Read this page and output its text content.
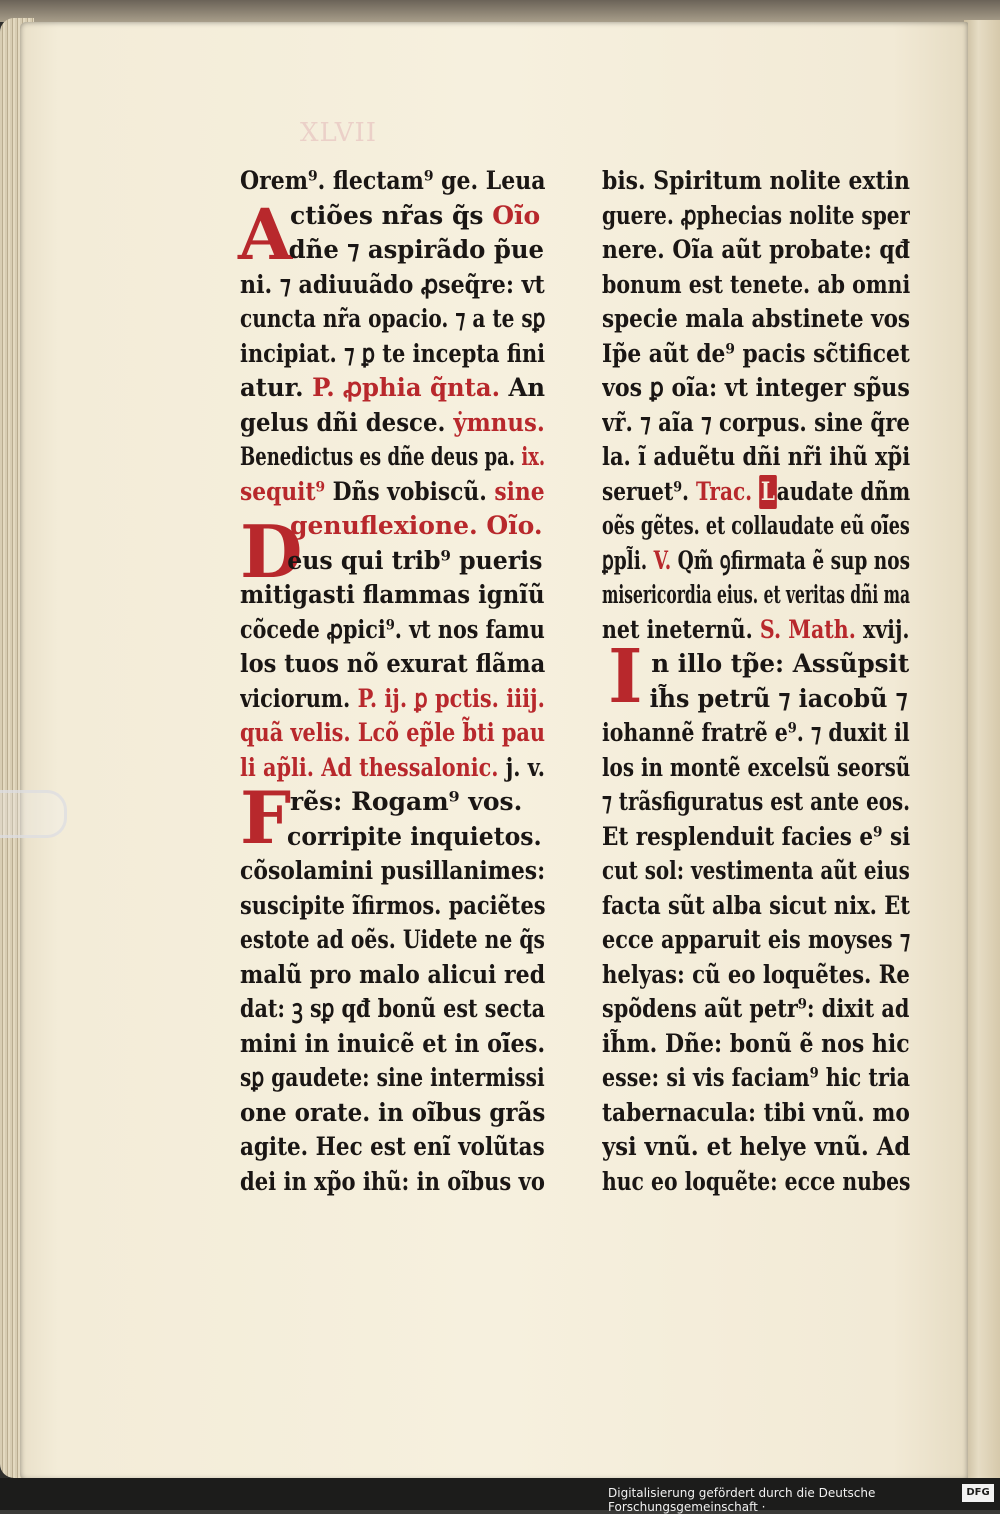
XLVII
A
D
F
I
Orem⁹. flectam⁹ ge. Leua
ctiões nr̃as q̃s Oĩo
dñe ⁊ aspirãdo p̃ue
ni. ⁊ adiuuãdo ꝓseq̃re: vt
cuncta nr̃a opacio. ⁊ a te sꝑ
incipiat. ⁊ ꝑ te incepta fini
atur. P. ꝓphia q̃nta. An
gelus dñi desce. ẏmnus.
Benedictus es dñe deus pa. ix.
sequit⁹ Dñs vobiscũ. sine
genuflexione. Oĩo.
eus qui trib⁹ pueris
mitigasti flammas ignĩũ
cõcede ꝓpici⁹. vt nos famu
los tuos nõ exurat flãma
viciorum. P. ij. ꝑ pctis. iiij.
quã velis. Lcõ ep̃le b̃ti pau
li ap̃li. Ad thessalonic. j. v.
rẽs: Rogam⁹ vos.
corripite inquietos.
cõsolamini pusillanimes:
suscipite ĩfirmos. paciẽtes
estote ad oẽs. Uidete ne q̃s
malũ pro malo alicui red
dat: ꝫ sꝑ qđ bonũ est secta
mini in inuicẽ et in oĩ̃es.
sꝑ gaudete: sine intermissi
one orate. in oĩbus grãs
agite. Hec est enĩ volũtas
dei in xp̃o ihũ: in oĩbus vo
bis. Spiritum nolite extin
guere. ꝓphecias nolite sper
nere. Oĩa aũt probate: qđ
bonum est tenete. ab omni
specie mala abstinete vos
Ip̃e aũt de⁹ pacis sc̃tificet
vos ꝑ oĩa: vt integer sp̃us
vr̃. ⁊ aĩa ⁊ corpus. sine q̃re
la. ĩ aduẽtu dñi nr̃i ihũ xp̃i
seruet⁹. Trac. Laudate dñm
oẽs gẽtes. et collaudate eũ oĩ̃es
ꝑpl̃i. V. Qm̃ ꝯfirmata ẽ sup nos
misericordia eius. et veritas dñi ma
net ineternũ. S. Math. xvij.
n illo tp̃e: Assũpsit
ih̃s petrũ ⁊ iacobũ ⁊
iohannẽ fratrẽ e⁹. ⁊ duxit il
los in montẽ excelsũ seorsũ
⁊ trãsfiguratus est ante eos.
Et resplenduit facies e⁹ si
cut sol: vestimenta aũt eius
facta sũt alba sicut nix. Et
ecce apparuit eis moyses ⁊
helyas: cũ eo loquẽtes. Re
spõdens aũt petr⁹: dixit ad
ih̃m. Dñe: bonũ ẽ nos hic
esse: si vis faciam⁹ hic tria
tabernacula: tibi vnũ. mo
ysi vnũ. et helye vnũ. Ad
huc eo loquẽte: ecce nubes
Digitalisierung gefördert durch die Deutsche Forschungsgemeinschaft ·
DFG
